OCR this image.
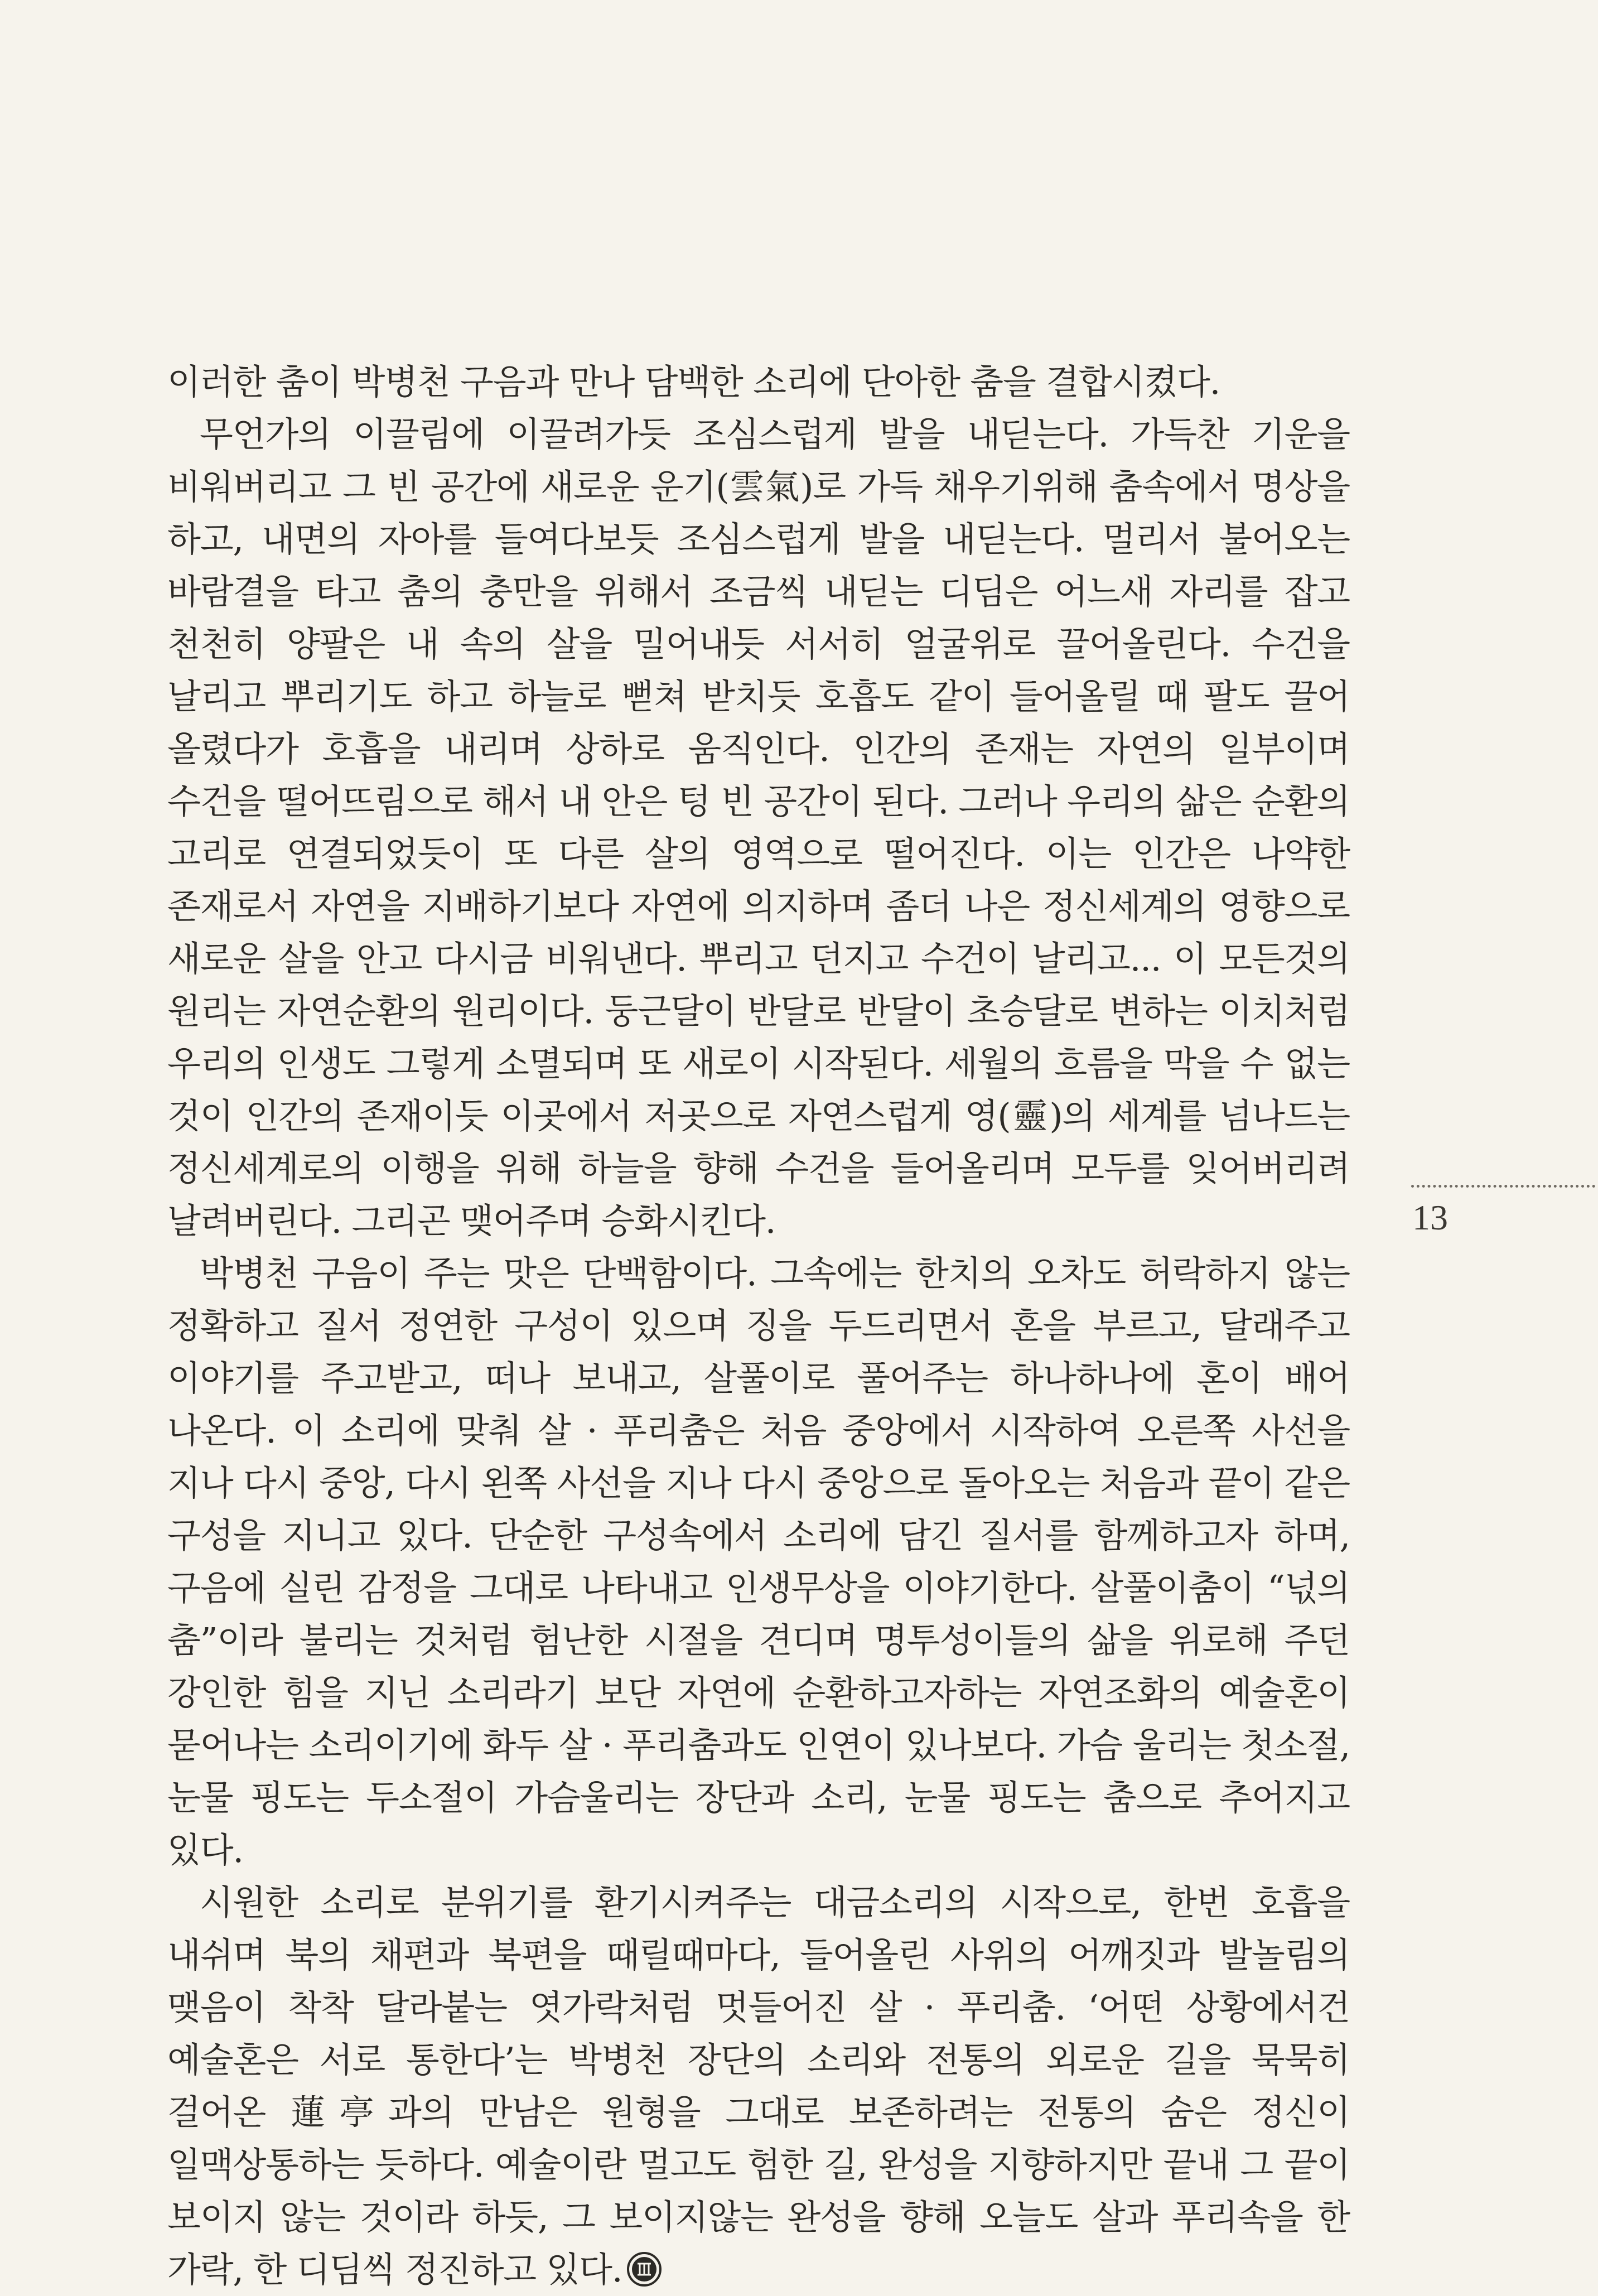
이러한 춤이 박병천 구음과 만나 담백한 소리에 단아한 춤을 결합시켰다.

무언가의 이끌림에 이끌려가듯 조심스럽게 발을 내딛는다. 가득찬 기운을 비워버리고 그 빈 공간에 새로운 운기(雲氣)로 가득 채우기위해 춤속에서 명상을 하고, 내면의 자아를 들여다보듯 조심스럽게 발을 내딛는다. 멀리서 불어오는 바람결을 타고 춤의 충만을 위해서 조금씩 내딛는 디딤은 어느새 자리를 잡고 천천히 양팔은 내 속의 살을 밀어내듯 서서히 얼굴위로 끌어올린다. 수건을 날리고 뿌리기도 하고 하늘로 뻗쳐 받치듯 호흡도 같이 들어올릴 때 팔도 끌어 올렸다가 호흡을 내리며 상하로 움직인다. 인간의 존재는 자연의 일부이며 수건을 떨어뜨림으로 해서 내 안은 텅 빈 공간이 된다. 그러나 우리의 삶은 순환의 고리로 연결되었듯이 또 다른 살의 영역으로 떨어진다. 이는 인간은 나약한 존재로서 자연을 지배하기보다 자연에 의지하며 좀더 나은 정신세계의 영향으로 새로운 살을 안고 다시금 비워낸다. 뿌리고 던지고 수건이 날리고... 이 모든것의 원리는 자연순환의 원리이다. 둥근달이 반달로 반달이 초승달로 변하는 이치처럼 우리의 인생도 그렇게 소멸되며 또 새로이 시작된다. 세월의 흐름을 막을 수 없는 것이 인간의 존재이듯 이곳에서 저곳으로 자연스럽게 영(靈)의 세계를 넘나드는 정신세계로의 이행을 위해 하늘을 향해 수건을 들어올리며 모두를 잊어버리려 날려버린다. 그리곤 맺어주며 승화시킨다.

박병천 구음이 주는 맛은 단백함이다. 그속에는 한치의 오차도 허락하지 않는 정확하고 질서 정연한 구성이 있으며 징을 두드리면서 혼을 부르고, 달래주고 이야기를 주고받고, 떠나 보내고, 살풀이로 풀어주는 하나하나에 혼이 배어 나온다. 이 소리에 맞춰 살 · 푸리춤은 처음 중앙에서 시작하여 오른쪽 사선을 지나 다시 중앙, 다시 왼쪽 사선을 지나 다시 중앙으로 돌아오는 처음과 끝이 같은 구성을 지니고 있다. 단순한 구성속에서 소리에 담긴 질서를 함께하고자 하며, 구음에 실린 감정을 그대로 나타내고 인생무상을 이야기한다. 살풀이춤이 “넋의 춤”이라 불리는 것처럼 험난한 시절을 견디며 명투성이들의 삶을 위로해 주던 강인한 힘을 지닌 소리라기 보단 자연에 순환하고자하는 자연조화의 예술혼이 묻어나는 소리이기에 화두 살 · 푸리춤과도 인연이 있나보다. 가슴 울리는 첫소절, 눈물 핑도는 두소절이 가슴울리는 장단과 소리, 눈물 핑도는 춤으로 추어지고 있다.

시원한 소리로 분위기를 환기시켜주는 대금소리의 시작으로, 한번 호흡을 내쉬며 북의 채편과 북편을 때릴때마다, 들어올린 사위의 어깨짓과 발놀림의 맺음이 착착 달라붙는 엿가락처럼 멋들어진 살 · 푸리춤. ‘어떤 상황에서건 예술혼은 서로 통한다’는 박병천 장단의 소리와 전통의 외로운 길을 묵묵히 걸어온 蓮亭과의 만남은 원형을 그대로 보존하려는 전통의 숨은 정신이 일맥상통하는 듯하다. 예술이란 멀고도 험한 길, 완성을 지향하지만 끝내 그 끝이 보이지 않는 것이라 하듯, 그 보이지않는 완성을 향해 오늘도 살과 푸리속을 한 가락, 한 디딤씩 정진하고 있다.

13
